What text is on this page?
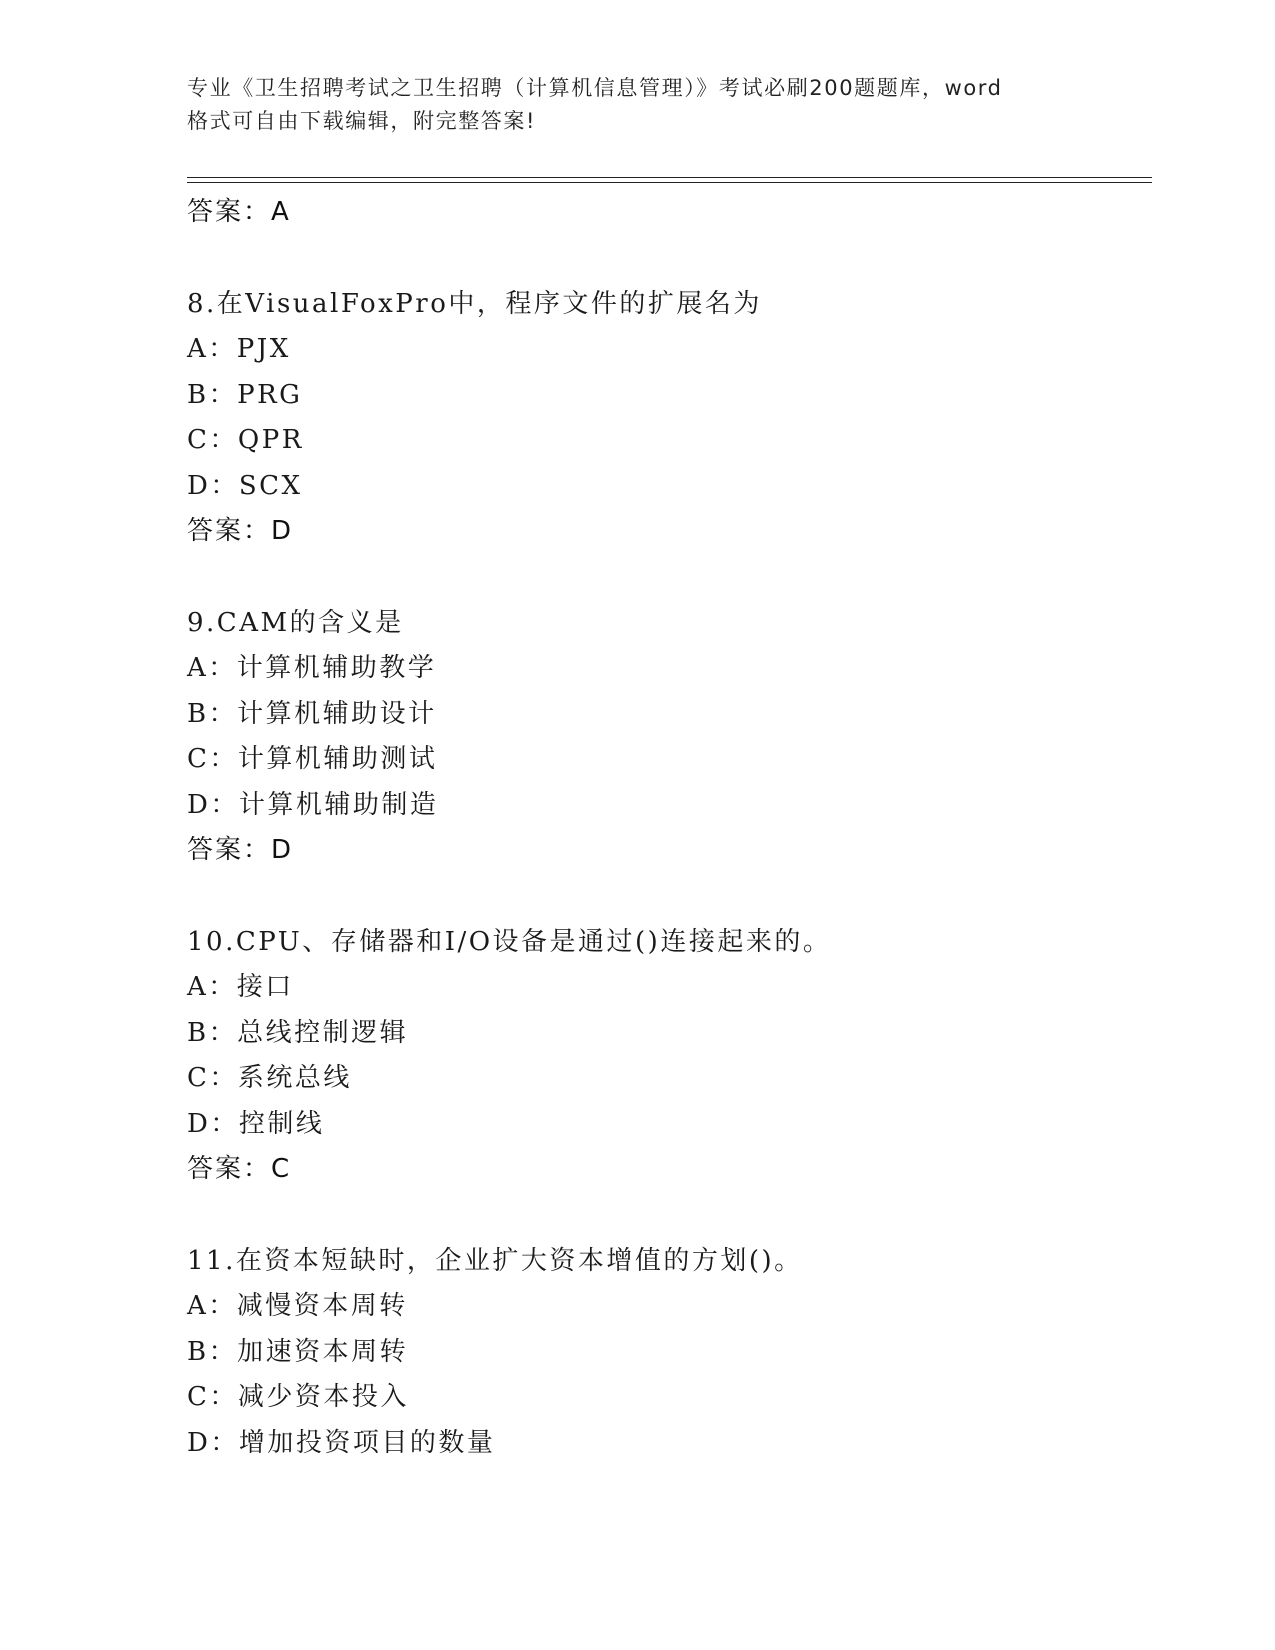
专业《卫生招聘考试之卫生招聘（计算机信息管理）》考试必刷200题题库，word
格式可自由下载编辑，附完整答案!
答案：A
8.在VisualFoxPro中，程序文件的扩展名为
A：PJX
B：PRG
C：QPR
D：SCX
答案：D
9.CAM的含义是
A：计算机辅助教学
B：计算机辅助设计
C：计算机辅助测试
D：计算机辅助制造
答案：D
10.CPU、存储器和I/O设备是通过()连接起来的。
A：接口
B：总线控制逻辑
C：系统总线
D：控制线
答案：C
11.在资本短缺时，企业扩大资本增值的方划()。
A：减慢资本周转
B：加速资本周转
C：减少资本投入
D：增加投资项目的数量
